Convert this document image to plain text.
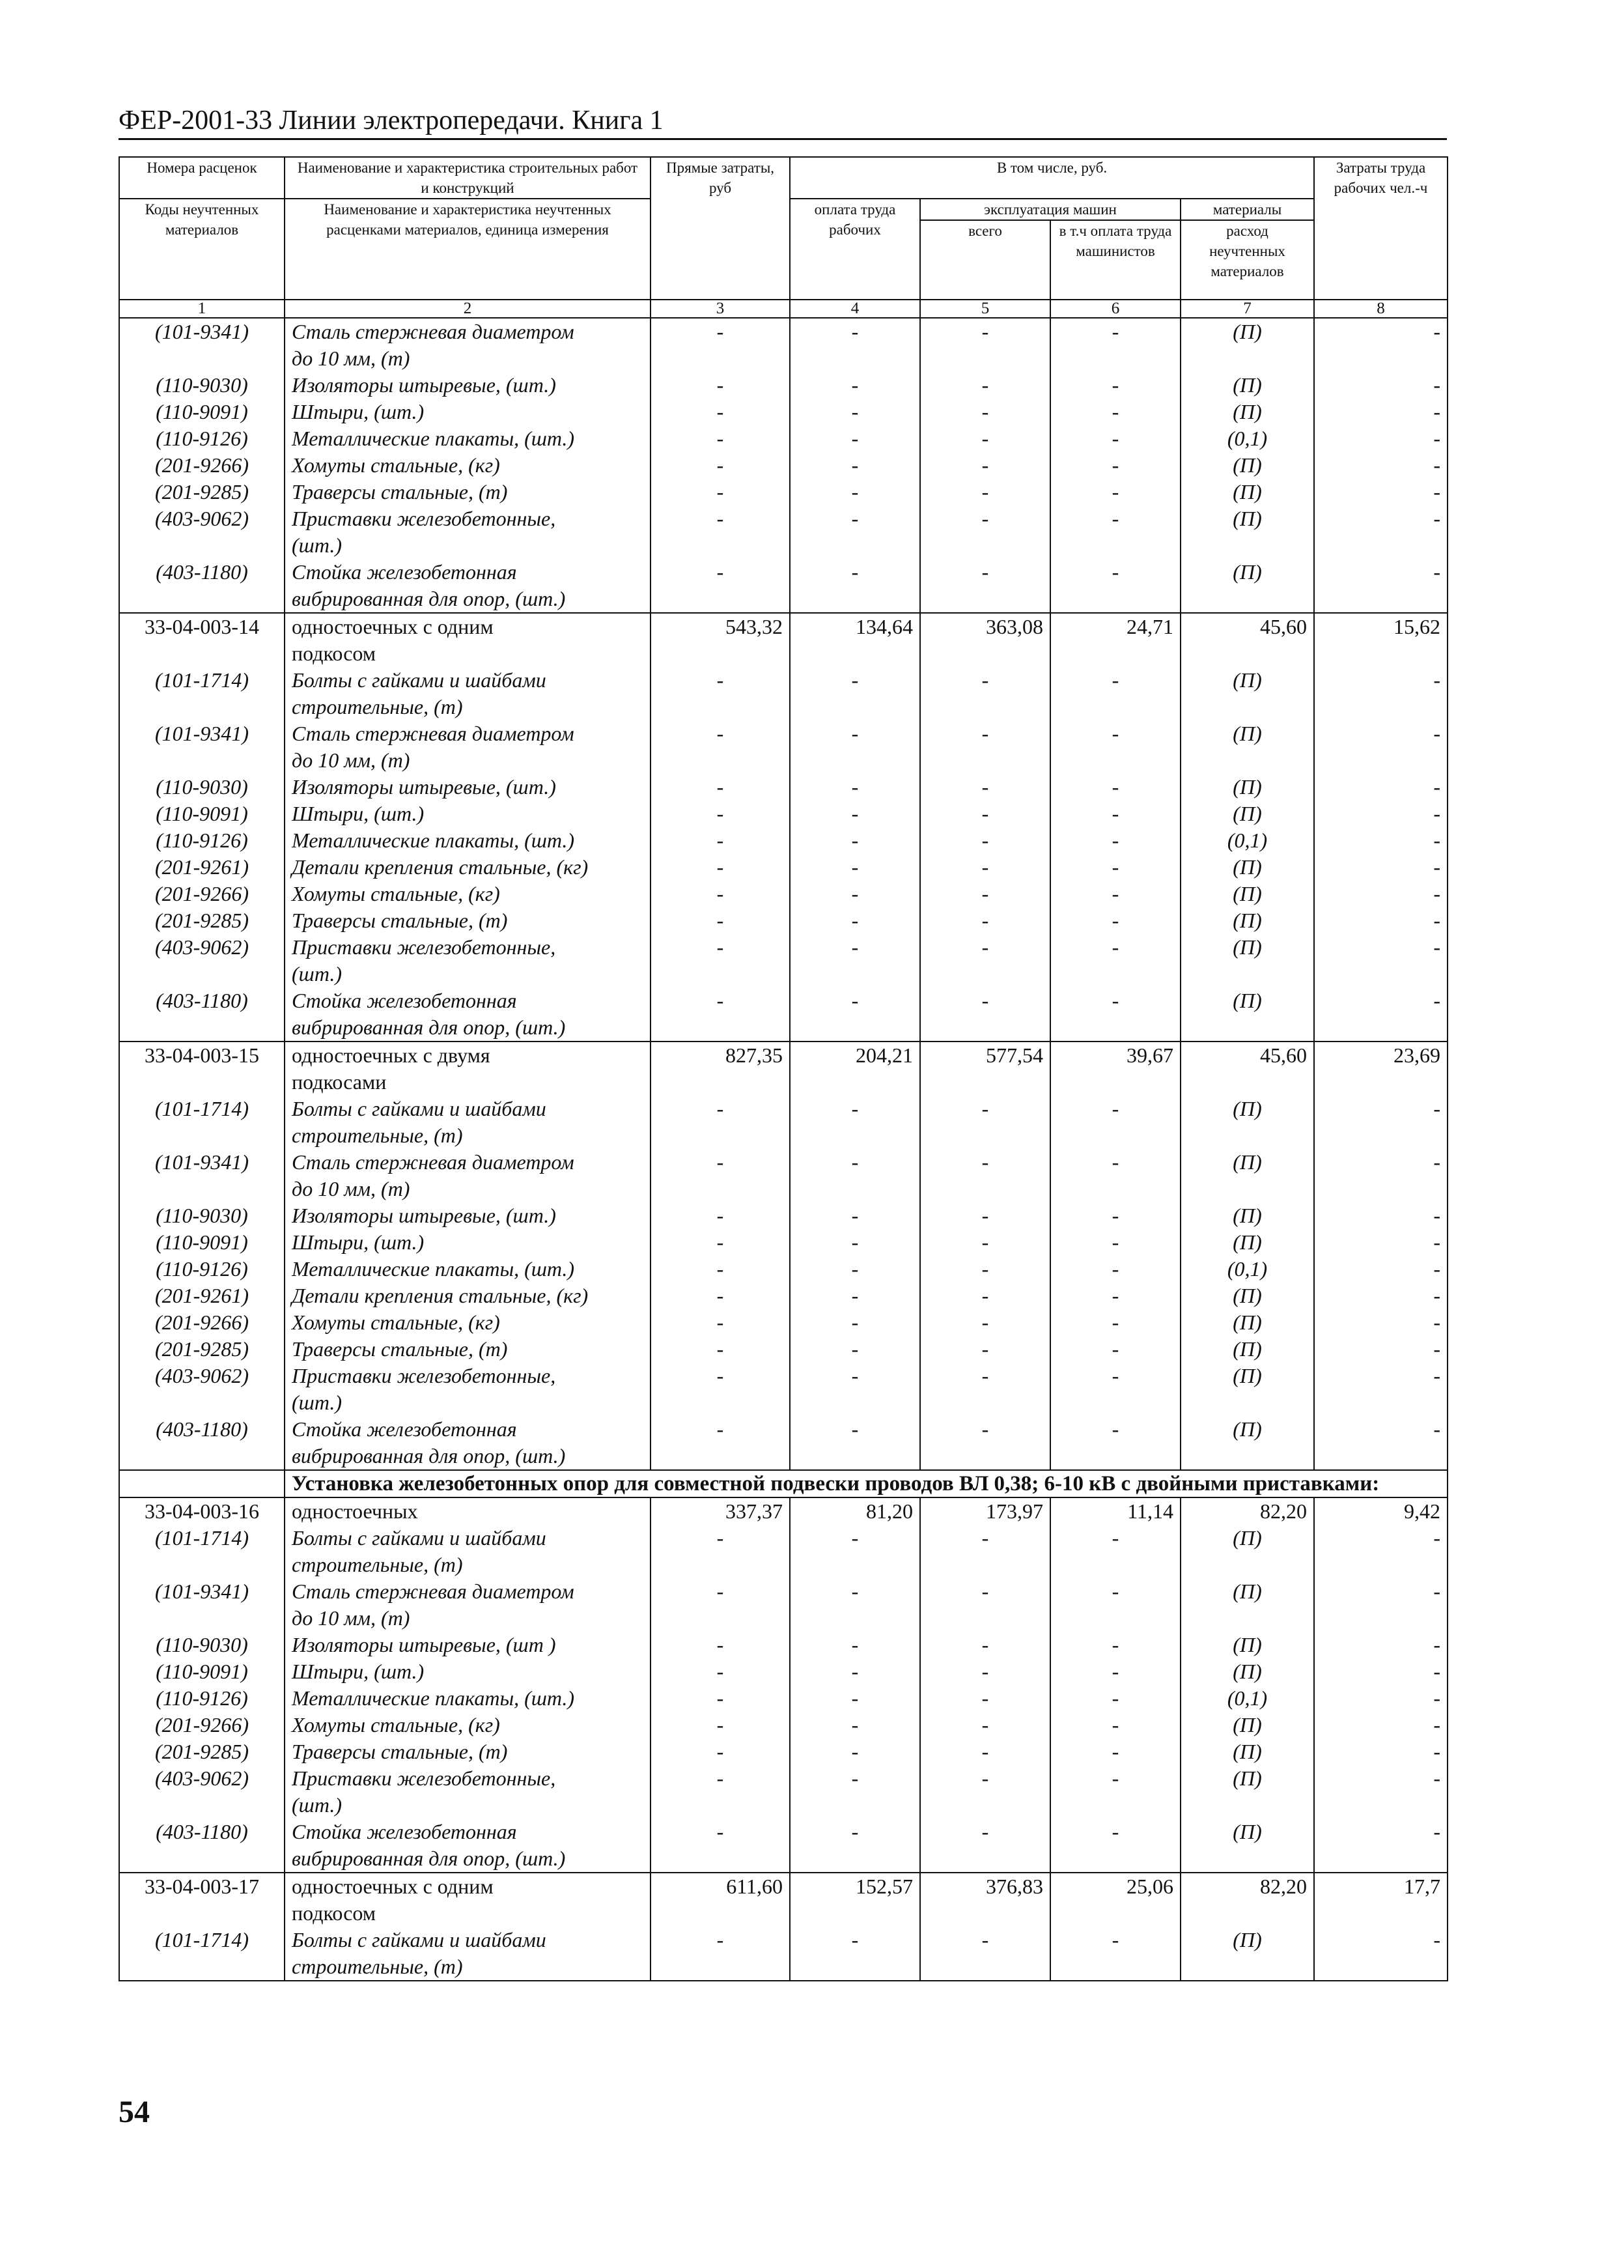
ФЕР-2001-33 Линии электропередачи. Книга 1
Номера расценок	Наименование и характеристика строительных работ и конструкций	Прямые затраты, руб	В том числе, руб.				Затраты труда рабочих чел.-ч
Коды неучтенных материалов	Наименование и характеристика неучтенных расценками материалов, единица измерения		оплата труда рабочих	эксплуатация машин		материалы	
				всего	в т.ч оплата труда машинистов	расход неучтенных материалов	
1	2	3	4	5	6	7	8
(101-9341)	Сталь стержневая диаметром	-	-	-	-	(П)	-
	до 10 мм, (т)						
(110-9030)	Изоляторы штыревые, (шт.)	-	-	-	-	(П)	-
(110-9091)	Штыри, (шт.)	-	-	-	-	(П)	-
(110-9126)	Металлические плакаты, (шт.)	-	-	-	-	(0,1)	-
(201-9266)	Хомуты стальные, (кг)	-	-	-	-	(П)	-
(201-9285)	Траверсы стальные, (т)	-	-	-	-	(П)	-
(403-9062)	Приставки железобетонные,	-	-	-	-	(П)	-
	(шт.)						
(403-1180)	Стойка железобетонная	-	-	-	-	(П)	-
	вибрированная для опор, (шт.)						
33-04-003-14	одностоечных с одним	543,32	134,64	363,08	24,71	45,60	15,62
	подкосом						
(101-1714)	Болты с гайками и шайбами	-	-	-	-	(П)	-
	строительные, (т)						
(101-9341)	Сталь стержневая диаметром	-	-	-	-	(П)	-
	до 10 мм, (т)						
(110-9030)	Изоляторы штыревые, (шт.)	-	-	-	-	(П)	-
(110-9091)	Штыри, (шт.)	-	-	-	-	(П)	-
(110-9126)	Металлические плакаты, (шт.)	-	-	-	-	(0,1)	-
(201-9261)	Детали крепления стальные, (кг)	-	-	-	-	(П)	-
(201-9266)	Хомуты стальные, (кг)	-	-	-	-	(П)	-
(201-9285)	Траверсы стальные, (т)	-	-	-	-	(П)	-
(403-9062)	Приставки железобетонные,	-	-	-	-	(П)	-
	(шт.)						
(403-1180)	Стойка железобетонная	-	-	-	-	(П)	-
	вибрированная для опор, (шт.)						
33-04-003-15	одностоечных с двумя	827,35	204,21	577,54	39,67	45,60	23,69
	подкосами						
(101-1714)	Болты с гайками и шайбами	-	-	-	-	(П)	-
	строительные, (т)						
(101-9341)	Сталь стержневая диаметром	-	-	-	-	(П)	-
	до 10 мм, (т)						
(110-9030)	Изоляторы штыревые, (шт.)	-	-	-	-	(П)	-
(110-9091)	Штыри, (шт.)	-	-	-	-	(П)	-
(110-9126)	Металлические плакаты, (шт.)	-	-	-	-	(0,1)	-
(201-9261)	Детали крепления стальные, (кг)	-	-	-	-	(П)	-
(201-9266)	Хомуты стальные, (кг)	-	-	-	-	(П)	-
(201-9285)	Траверсы стальные, (т)	-	-	-	-	(П)	-
(403-9062)	Приставки железобетонные,	-	-	-	-	(П)	-
	(шт.)						
(403-1180)	Стойка железобетонная	-	-	-	-	(П)	-
	вибрированная для опор, (шт.)						
	Установка железобетонных опор для совместной подвески проводов ВЛ 0,38; 6-10 кВ с двойными приставками:						
33-04-003-16	одностоечных	337,37	81,20	173,97	11,14	82,20	9,42
(101-1714)	Болты с гайками и шайбами	-	-	-	-	(П)	-
	строительные, (т)						
(101-9341)	Сталь стержневая диаметром	-	-	-	-	(П)	-
	до 10 мм, (т)						
(110-9030)	Изоляторы штыревые, (шт )	-	-	-	-	(П)	-
(110-9091)	Штыри, (шт.)	-	-	-	-	(П)	-
(110-9126)	Металлические плакаты, (шт.)	-	-	-	-	(0,1)	-
(201-9266)	Хомуты стальные, (кг)	-	-	-	-	(П)	-
(201-9285)	Траверсы стальные, (т)	-	-	-	-	(П)	-
(403-9062)	Приставки железобетонные,	-	-	-	-	(П)	-
	(шт.)						
(403-1180)	Стойка железобетонная	-	-	-	-	(П)	-
	вибрированная для опор, (шт.)						
33-04-003-17	одностоечных с одним	611,60	152,57	376,83	25,06	82,20	17,7
	подкосом						
(101-1714)	Болты с гайками и шайбами	-	-	-	-	(П)	-
	строительные, (т)						
54
